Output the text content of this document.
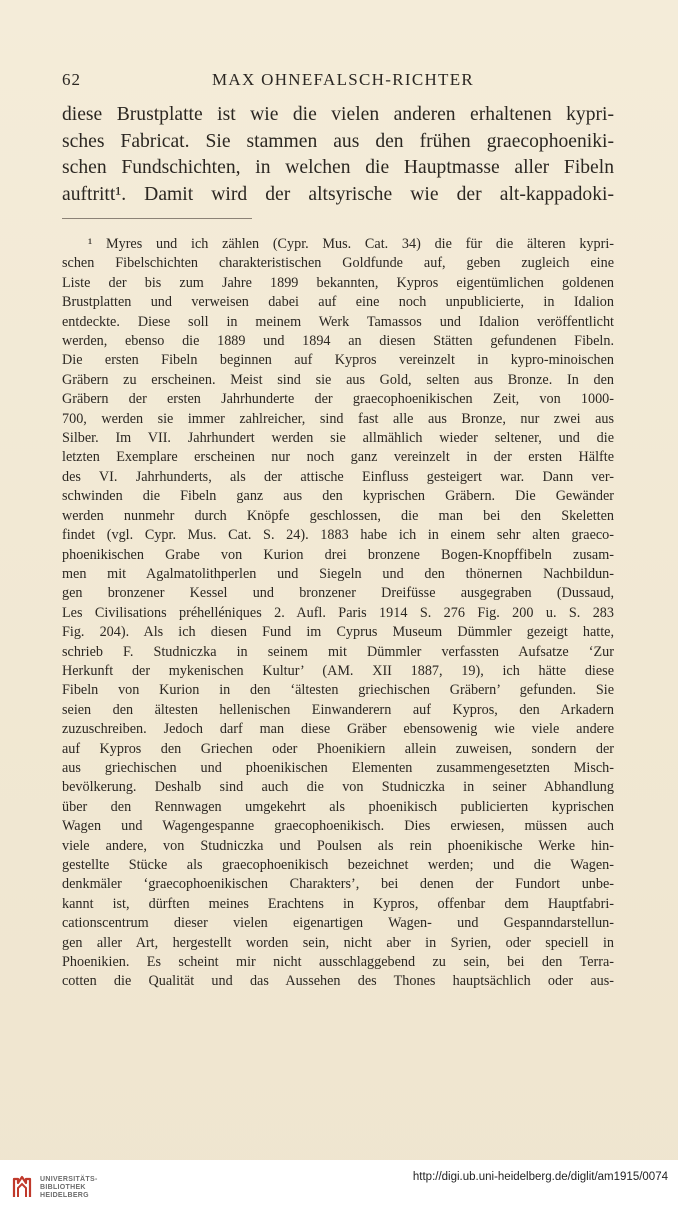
62	MAX OHNEFALSCH-RICHTER
diese Brustplatte ist wie die vielen anderen erhaltenen kypri-
sches Fabricat. Sie stammen aus den frühen graecophoeniki-
schen Fundschichten, in welchen die Hauptmasse aller Fibeln
auftritt¹. Damit wird der altsyrische wie der alt-kappadoki-
¹ Myres und ich zählen (Cypr. Mus. Cat. 34) die für die älteren kypri-
schen Fibelschichten charakteristischen Goldfunde auf, geben zugleich eine
Liste der bis zum Jahre 1899 bekannten, Kypros eigentümlichen goldenen
Brustplatten und verweisen dabei auf eine noch unpublicierte, in Idalion
entdeckte. Diese soll in meinem Werk Tamassos und Idalion veröffentlicht
werden, ebenso die 1889 und 1894 an diesen Stätten gefundenen Fibeln.
Die ersten Fibeln beginnen auf Kypros vereinzelt in kypro-minoischen
Gräbern zu erscheinen. Meist sind sie aus Gold, selten aus Bronze. In den
Gräbern der ersten Jahrhunderte der graecophoenikischen Zeit, von 1000-
700, werden sie immer zahlreicher, sind fast alle aus Bronze, nur zwei aus
Silber. Im VII. Jahrhundert werden sie allmählich wieder seltener, und die
letzten Exemplare erscheinen nur noch ganz vereinzelt in der ersten Hälfte
des VI. Jahrhunderts, als der attische Einfluss gesteigert war. Dann ver-
schwinden die Fibeln ganz aus den kyprischen Gräbern. Die Gewänder
werden nunmehr durch Knöpfe geschlossen, die man bei den Skeletten
findet (vgl. Cypr. Mus. Cat. S. 24). 1883 habe ich in einem sehr alten graeco-
phoenikischen Grabe von Kurion drei bronzene Bogen-Knopffibeln zusam-
men mit Agalmatolithperlen und Siegeln und den thönernen Nachbildun-
gen bronzener Kessel und bronzener Dreifüsse ausgegraben (Dussaud,
Les Civilisations préhelléniques 2. Aufl. Paris 1914 S. 276 Fig. 200 u. S. 283
Fig. 204). Als ich diesen Fund im Cyprus Museum Dümmler gezeigt hatte,
schrieb F. Studniczka in seinem mit Dümmler verfassten Aufsatze ‘Zur
Herkunft der mykenischen Kultur’ (AM. XII 1887, 19), ich hätte diese
Fibeln von Kurion in den ‘ältesten griechischen Gräbern’ gefunden. Sie
seien den ältesten hellenischen Einwanderern auf Kypros, den Arkadern
zuzuschreiben. Jedoch darf man diese Gräber ebensowenig wie viele andere
auf Kypros den Griechen oder Phoenikiern allein zuweisen, sondern der
aus griechischen und phoenikischen Elementen zusammengesetzten Misch-
bevölkerung. Deshalb sind auch die von Studniczka in seiner Abhandlung
über den Rennwagen umgekehrt als phoenikisch publicierten kyprischen
Wagen und Wagengespanne graecophoenikisch. Dies erwiesen, müssen auch
viele andere, von Studniczka und Poulsen als rein phoenikische Werke hin-
gestellte Stücke als graecophoenikisch bezeichnet werden; und die Wagen-
denkmäler ‘graecophoenikischen Charakters’, bei denen der Fundort unbe-
kannt ist, dürften meines Erachtens in Kypros, offenbar dem Hauptfabri-
cationscentrum dieser vielen eigenartigen Wagen- und Gespanndarstellun-
gen aller Art, hergestellt worden sein, nicht aber in Syrien, oder speciell in
Phoenikien. Es scheint mir nicht ausschlaggebend zu sein, bei den Terra-
cotten die Qualität und das Aussehen des Thones hauptsächlich oder aus-
UNIVERSITÄTS-
BIBLIOTHEK
HEIDELBERG
http://digi.ub.uni-heidelberg.de/diglit/am1915/0074
